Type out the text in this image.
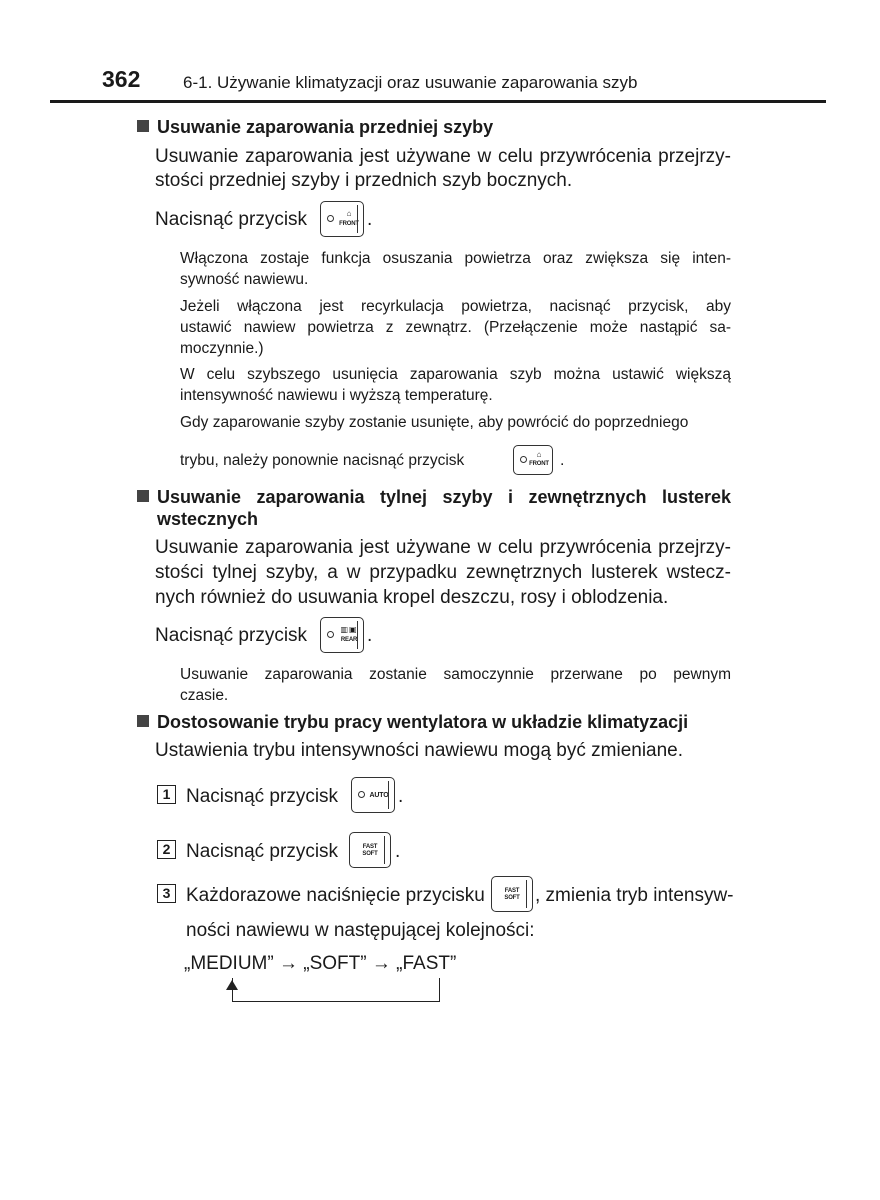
362	6-1. Używanie klimatyzacji oraz usuwanie zaparowania szyb
Usuwanie zaparowania przedniej szyby
Usuwanie zaparowania jest używane w celu przywrócenia przejrzy-
stości przedniej szyby i przednich szyb bocznych.
Nacisnąć przycisk	⌂
FRONT .
Włączona zostaje funkcja osuszania powietrza oraz zwiększa się inten-
sywność nawiewu.
Jeżeli włączona jest recyrkulacja powietrza, nacisnąć przycisk, aby
ustawić nawiew powietrza z zewnątrz. (Przełączenie może nastąpić sa-
moczynnie.)
W celu szybszego usunięcia zaparowania szyb można ustawić większą
intensywność nawiewu i wyższą temperaturę.
Gdy zaparowanie szyby zostanie usunięte, aby powrócić do poprzedniego
trybu, należy ponownie nacisnąć przycisk	⌂
FRONT .
Usuwanie zaparowania tylnej szyby i zewnętrznych lusterek
wstecznych
Usuwanie zaparowania jest używane w celu przywrócenia przejrzy-
stości tylnej szyby, a w przypadku zewnętrznych lusterek wstecz-
nych również do usuwania kropel deszczu, rosy i oblodzenia.
Nacisnąć przycisk	▥▣
REAR .
Usuwanie zaparowania zostanie samoczynnie przerwane po pewnym
czasie.
Dostosowanie trybu pracy wentylatora w układzie klimatyzacji
Ustawienia trybu intensywności nawiewu mogą być zmieniane.
1 Nacisnąć przycisk	AUTO .
2 Nacisnąć przycisk	FAST
SOFT .
3 Każdorazowe naciśnięcie przycisku	FAST
SOFT , zmienia tryb intensyw-
ności nawiewu w następującej kolejności:
„MEDIUM” → „SOFT” → „FAST”
